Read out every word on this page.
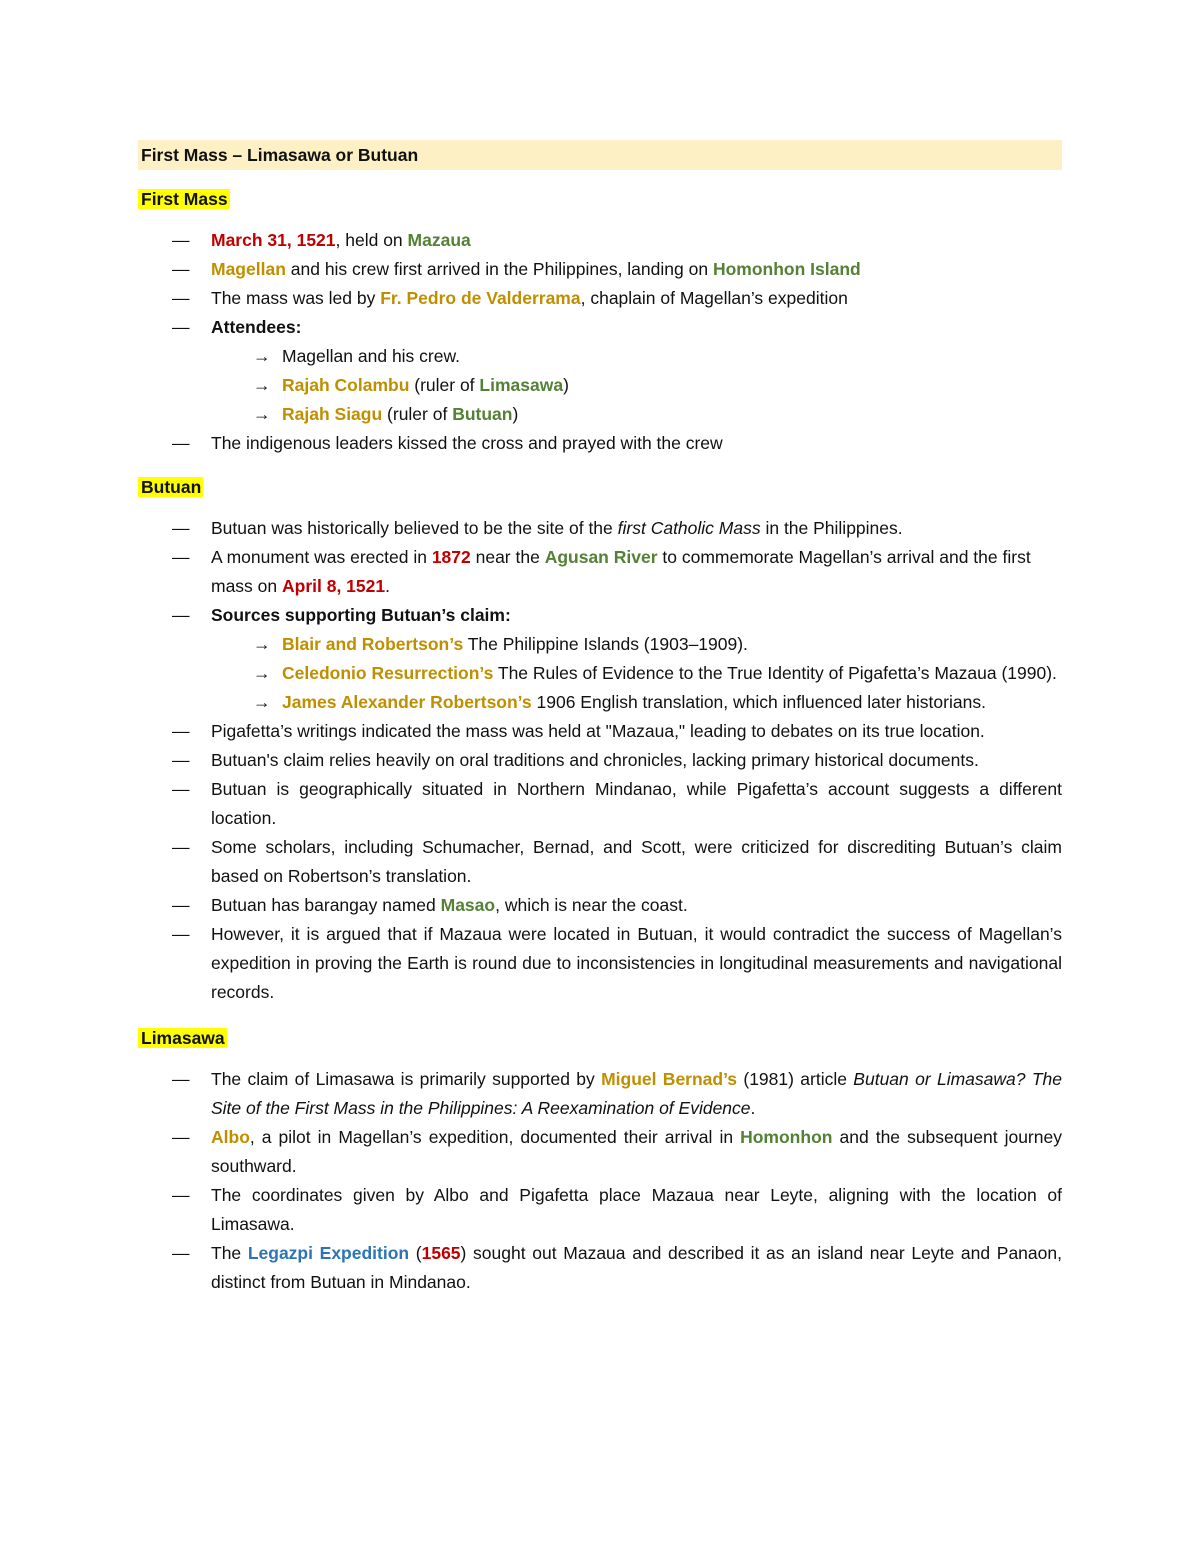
First Mass – Limasawa or Butuan
First Mass
— March 31, 1521, held on Mazaua
— Magellan and his crew first arrived in the Philippines, landing on Homonhon Island
— The mass was led by Fr. Pedro de Valderrama, chaplain of Magellan’s expedition
— Attendees:
→ Magellan and his crew.
→ Rajah Colambu (ruler of Limasawa)
→ Rajah Siagu (ruler of Butuan)
— The indigenous leaders kissed the cross and prayed with the crew
Butuan
— Butuan was historically believed to be the site of the first Catholic Mass in the Philippines.
— A monument was erected in 1872 near the Agusan River to commemorate Magellan’s arrival and the first mass on April 8, 1521.
— Sources supporting Butuan’s claim:
→ Blair and Robertson’s The Philippine Islands (1903–1909).
→ Celedonio Resurrection’s The Rules of Evidence to the True Identity of Pigafetta’s Mazaua (1990).
→ James Alexander Robertson’s 1906 English translation, which influenced later historians.
— Pigafetta’s writings indicated the mass was held at "Mazaua," leading to debates on its true location.
— Butuan's claim relies heavily on oral traditions and chronicles, lacking primary historical documents.
— Butuan is geographically situated in Northern Mindanao, while Pigafetta’s account suggests a different location.
— Some scholars, including Schumacher, Bernad, and Scott, were criticized for discrediting Butuan’s claim based on Robertson’s translation.
— Butuan has barangay named Masao, which is near the coast.
— However, it is argued that if Mazaua were located in Butuan, it would contradict the success of Magellan’s expedition in proving the Earth is round due to inconsistencies in longitudinal measurements and navigational records.
Limasawa
— The claim of Limasawa is primarily supported by Miguel Bernad’s (1981) article Butuan or Limasawa? The Site of the First Mass in the Philippines: A Reexamination of Evidence.
— Albo, a pilot in Magellan’s expedition, documented their arrival in Homonhon and the subsequent journey southward.
— The coordinates given by Albo and Pigafetta place Mazaua near Leyte, aligning with the location of Limasawa.
— The Legazpi Expedition (1565) sought out Mazaua and described it as an island near Leyte and Panaon, distinct from Butuan in Mindanao.
